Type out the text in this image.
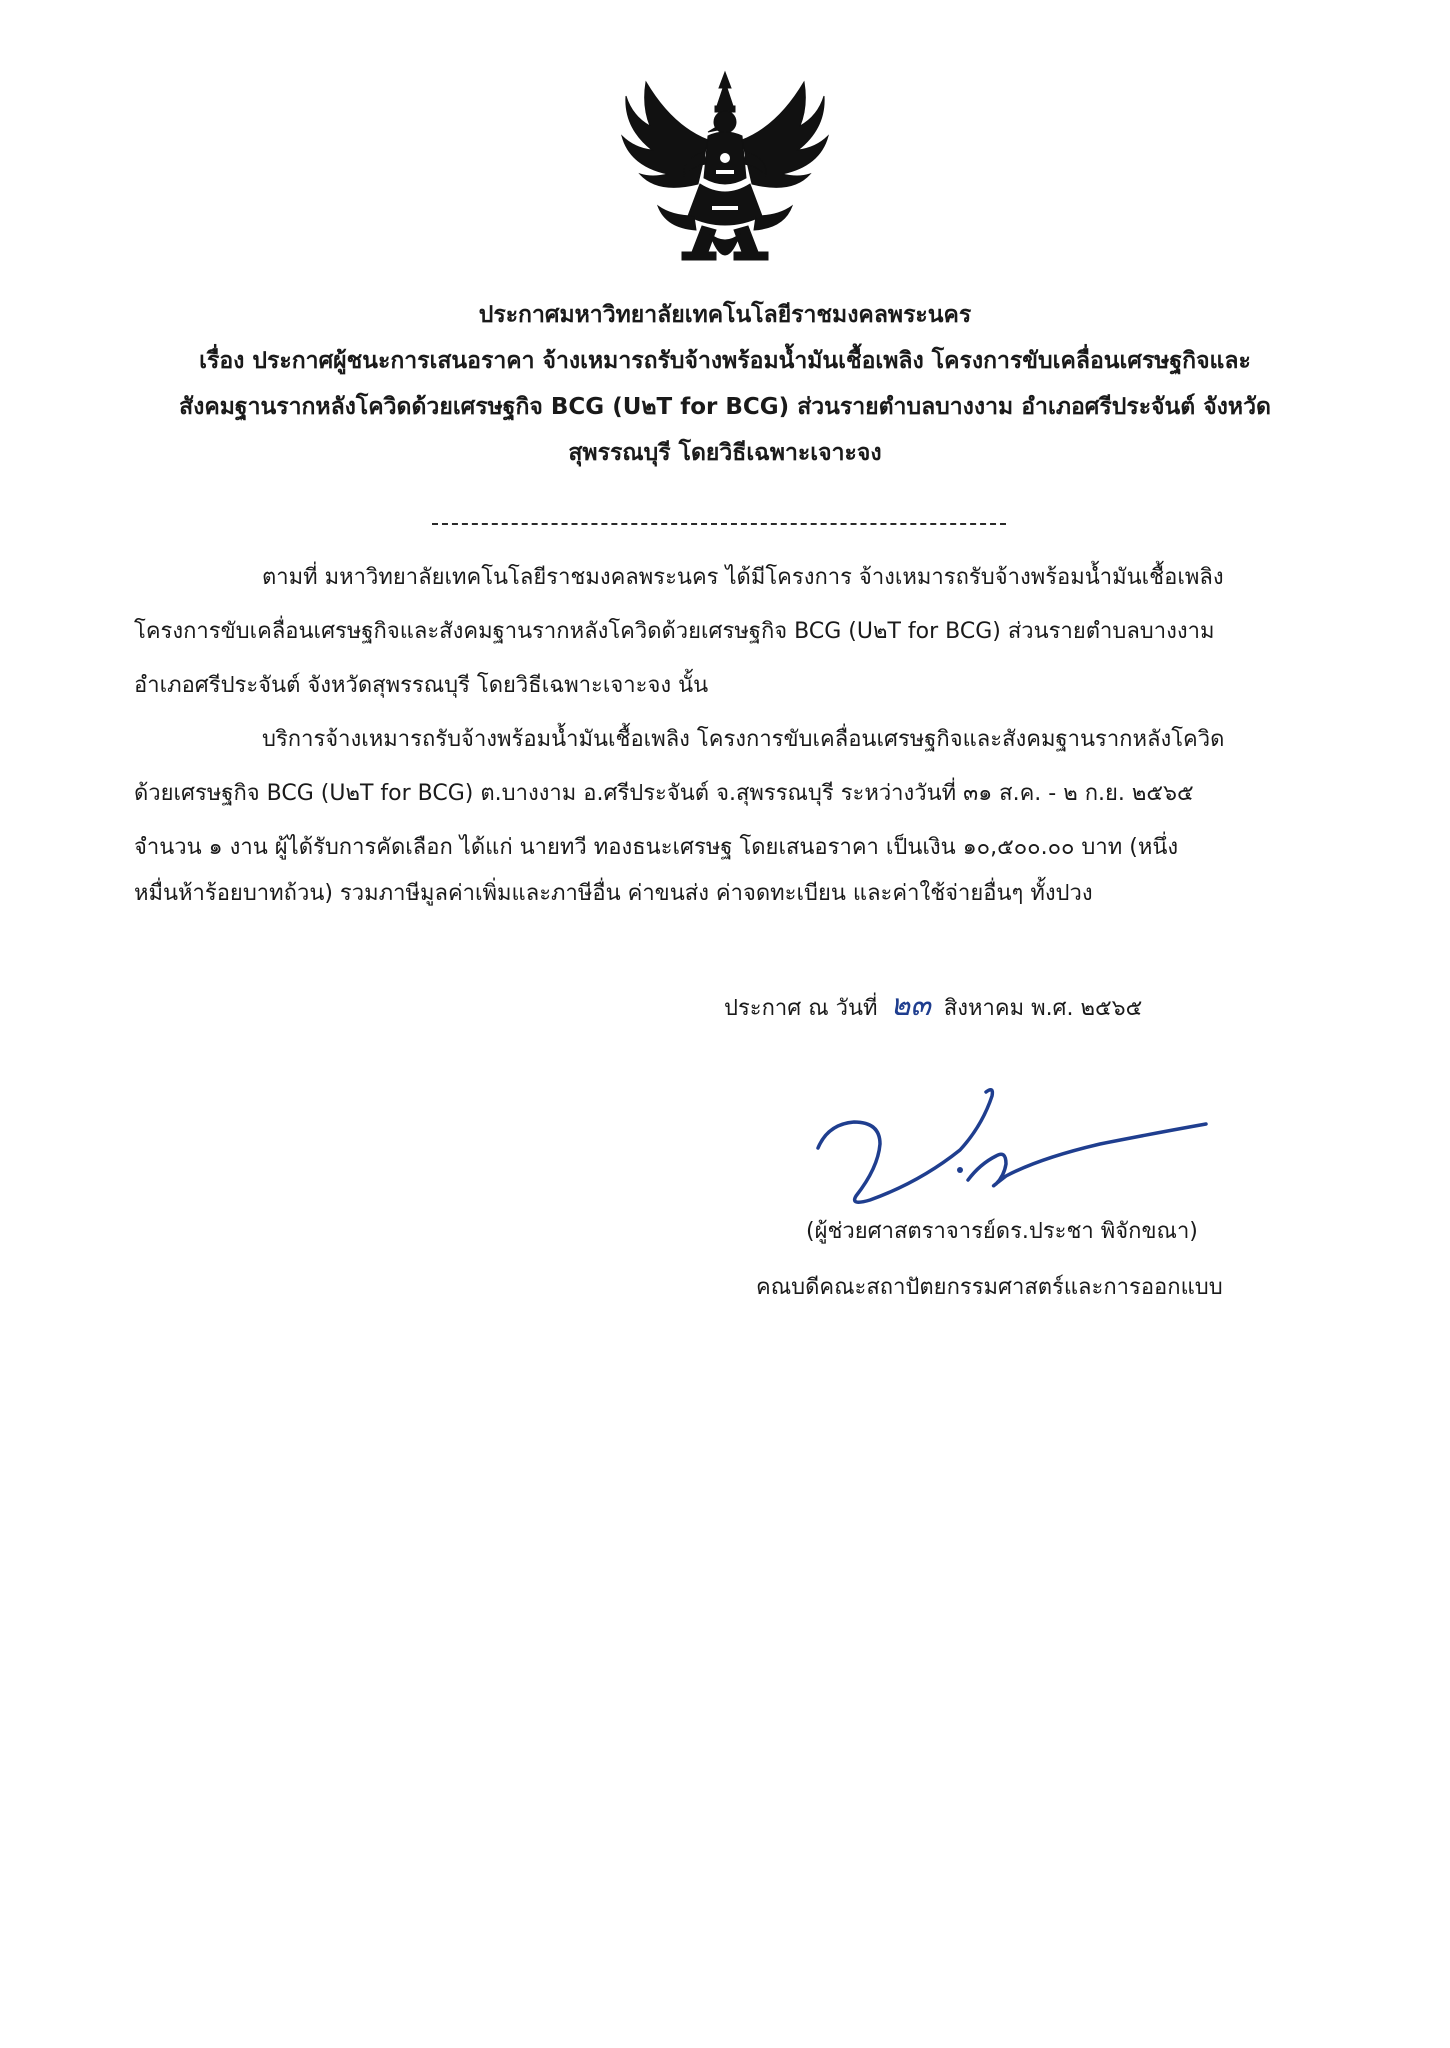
ประกาศมหาวิทยาลัยเทคโนโลยีราชมงคลพระนคร
เรื่อง ประกาศผู้ชนะการเสนอราคา จ้างเหมารถรับจ้างพร้อมน้ำมันเชื้อเพลิง โครงการขับเคลื่อนเศรษฐกิจและ
สังคมฐานรากหลังโควิดด้วยเศรษฐกิจ BCG (U๒T for BCG) ส่วนรายตำบลบางงาม อำเภอศรีประจันต์ จังหวัด
สุพรรณบุรี โดยวิธีเฉพาะเจาะจง
ตามที่ มหาวิทยาลัยเทคโนโลยีราชมงคลพระนคร ได้มีโครงการ จ้างเหมารถรับจ้างพร้อมน้ำมันเชื้อเพลิง
โครงการขับเคลื่อนเศรษฐกิจและสังคมฐานรากหลังโควิดด้วยเศรษฐกิจ BCG (U๒T for BCG) ส่วนรายตำบลบางงาม
อำเภอศรีประจันต์ จังหวัดสุพรรณบุรี โดยวิธีเฉพาะเจาะจง นั้น
บริการจ้างเหมารถรับจ้างพร้อมน้ำมันเชื้อเพลิง โครงการขับเคลื่อนเศรษฐกิจและสังคมฐานรากหลังโควิด
ด้วยเศรษฐกิจ BCG (U๒T for BCG) ต.บางงาม อ.ศรีประจันต์ จ.สุพรรณบุรี ระหว่างวันที่ ๓๑ ส.ค. - ๒ ก.ย. ๒๕๖๕
จำนวน ๑ งาน ผู้ได้รับการคัดเลือก ได้แก่ นายทวี ทองธนะเศรษฐ โดยเสนอราคา เป็นเงิน ๑๐,๕๐๐.๐๐ บาท (หนึ่ง
หมื่นห้าร้อยบาทถ้วน) รวมภาษีมูลค่าเพิ่มและภาษีอื่น ค่าขนส่ง ค่าจดทะเบียน และค่าใช้จ่ายอื่นๆ ทั้งปวง
ประกาศ ณ วันที่ ๒๓ สิงหาคม พ.ศ. ๒๕๖๕
(ผู้ช่วยศาสตราจารย์ดร.ประชา พิจักขณา)
คณบดีคณะสถาปัตยกรรมศาสตร์และการออกแบบ
